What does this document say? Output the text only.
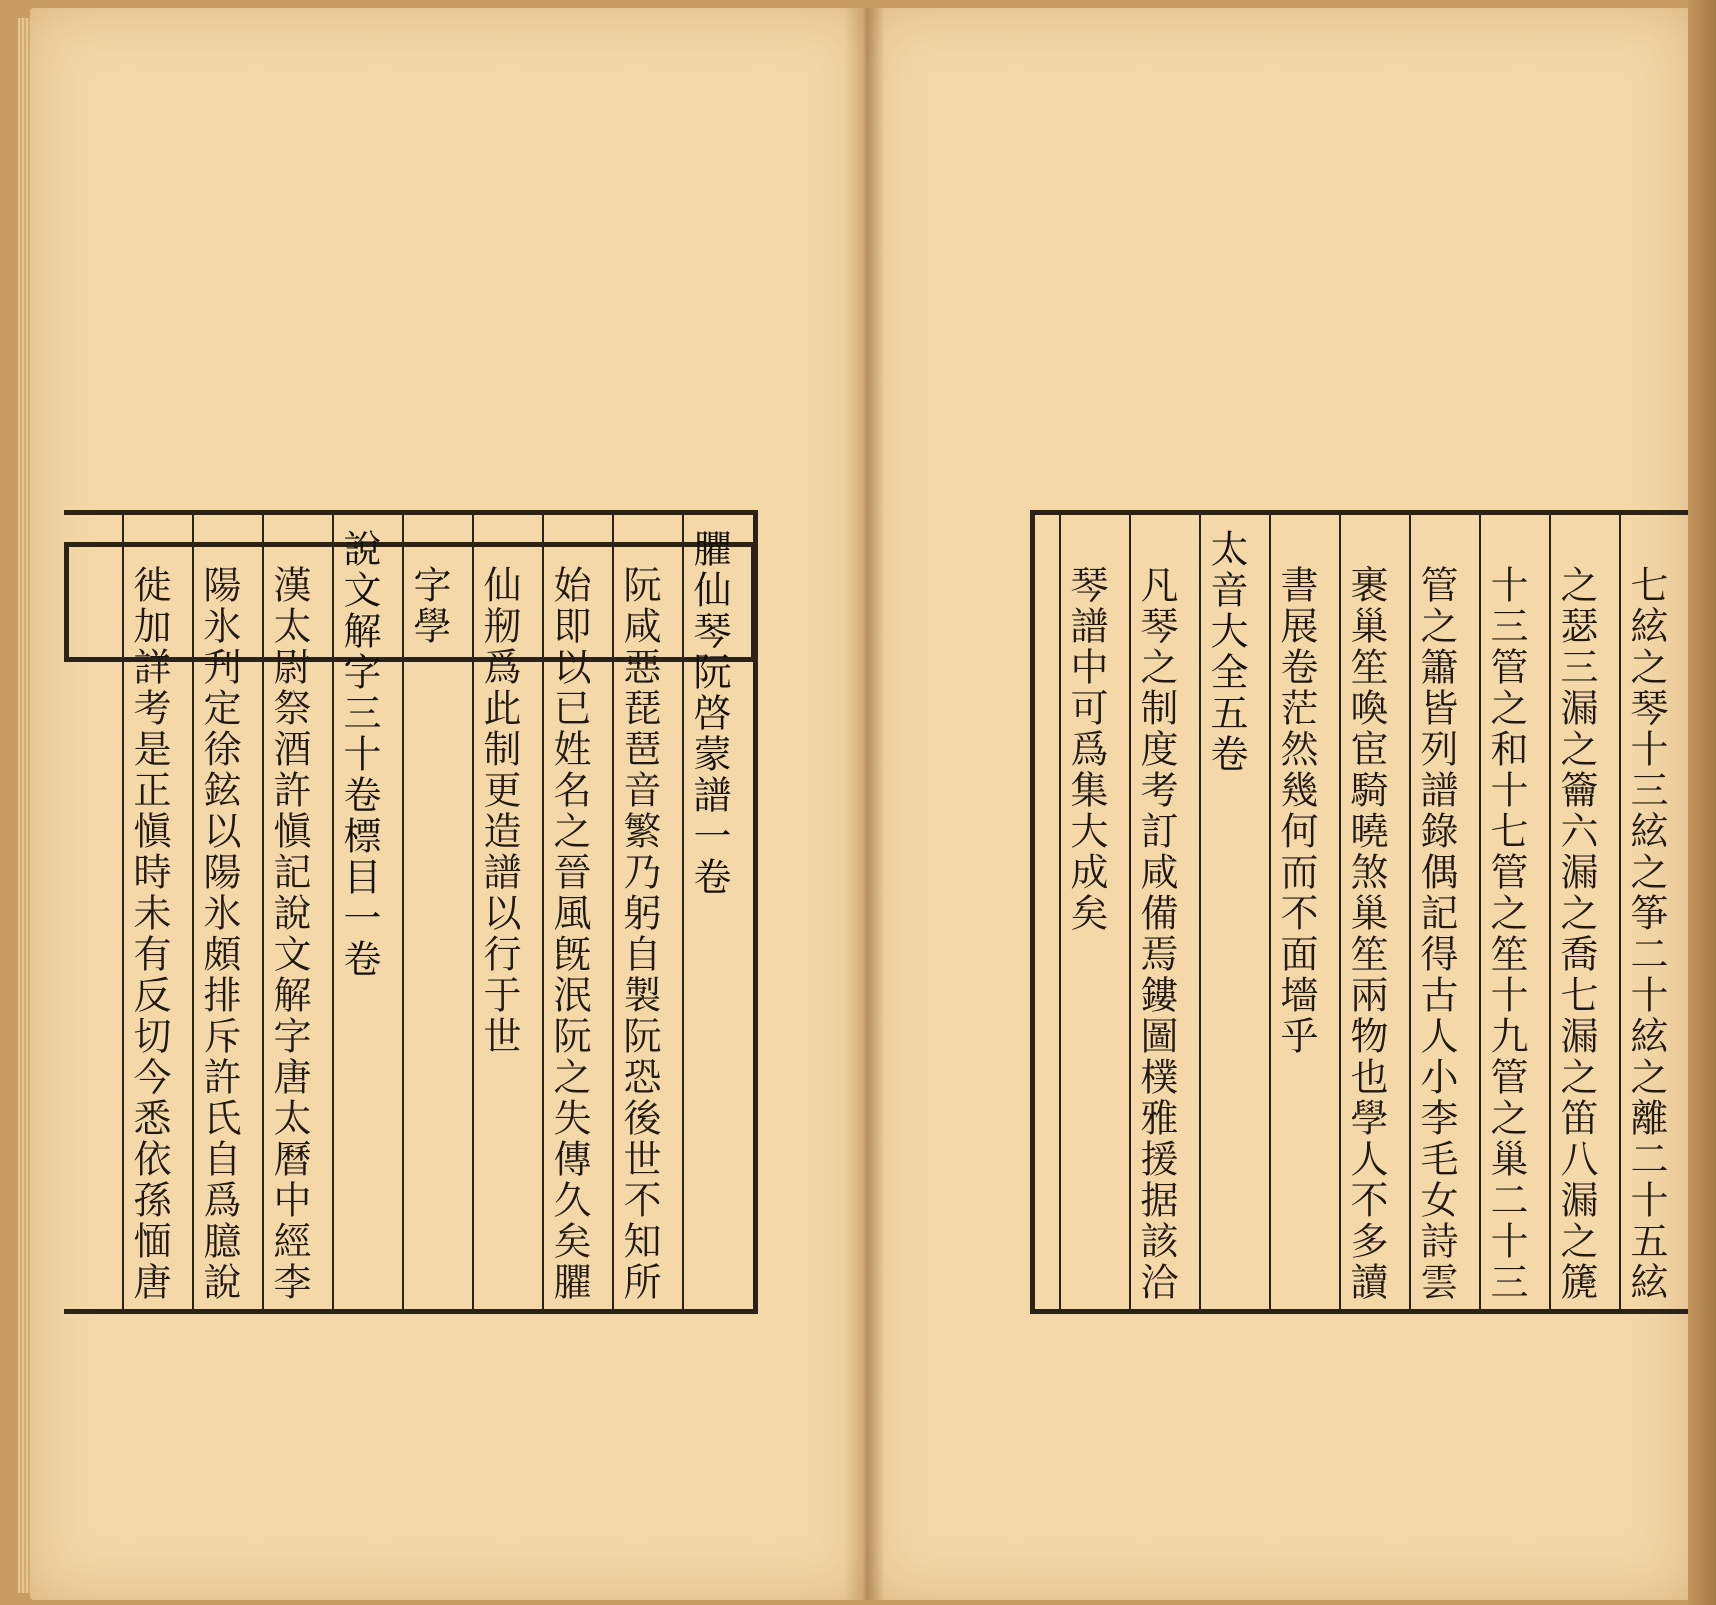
臞仙琴阮啓蒙譜一卷
阮咸惡琵琶音繁乃躬自製阮恐後世不知所
始即以已姓名之晉風旣泯阮之失傳久矣臞
仙剏爲此制更造譜以行于世
字學
說文解字三十卷標目一卷
漢太尉祭酒許愼記說文解字唐太曆中經李
陽氷刋定徐鉉以陽氷頗排斥許氏自爲臆說
徙加詳考是正愼時未有反切今悉依孫愐唐	七絃之琴十三絃之筝二十絃之離二十五絃
之瑟三漏之籥六漏之喬七漏之笛八漏之篪
十三管之和十七管之笙十九管之巢二十三
管之簫皆列譜錄偶記得古人小李毛女詩雲
裹巢笙喚宦騎曉煞巢笙兩物也學人不多讀
書展卷茫然幾何而不面墻乎
太音大全五卷
凡琴之制度考訂咸備焉鏤圖樸雅援据該洽
琴譜中可爲集大成矣
